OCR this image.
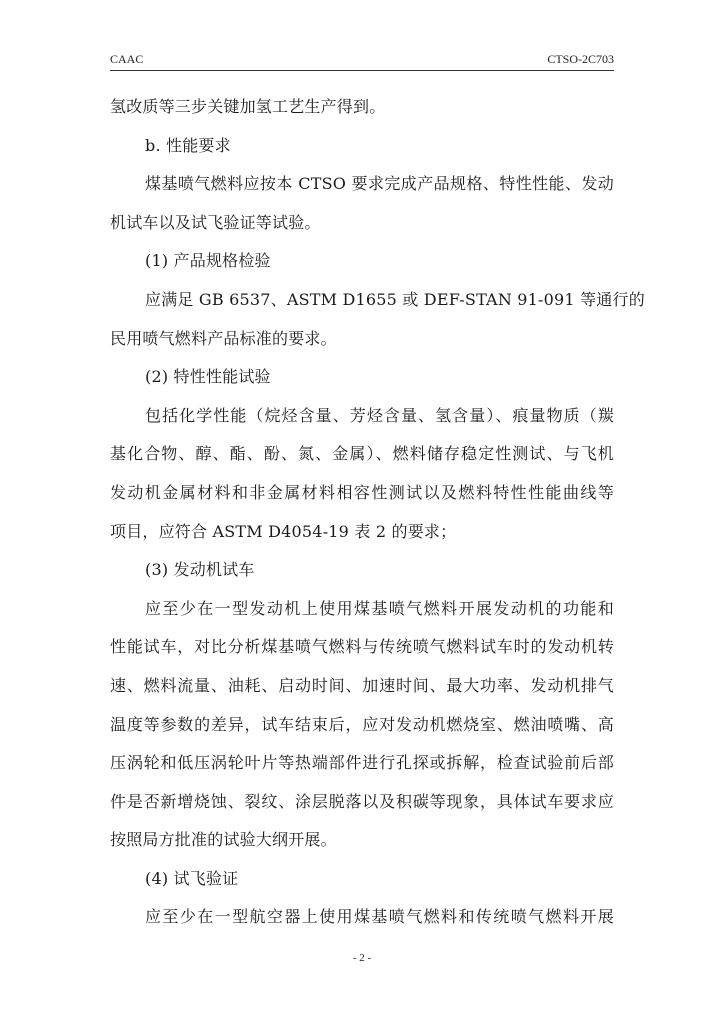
CAAC	CTSO-2C703
氢改质等三步关键加氢工艺生产得到。
b. 性能要求
煤基喷气燃料应按本 CTSO 要求完成产品规格、特性性能、发动
机试车以及试飞验证等试验。
(1) 产品规格检验
应满足 GB 6537、ASTM D1655 或 DEF-STAN 91-091 等通行的
民用喷气燃料产品标准的要求。
(2) 特性性能试验
包括化学性能（烷烃含量、芳烃含量、氢含量）、痕量物质（羰
基化合物、醇、酯、酚、氮、金属）、燃料储存稳定性测试、与飞机
发动机金属材料和非金属材料相容性测试以及燃料特性性能曲线等
项目，应符合 ASTM D4054-19 表 2 的要求；
(3) 发动机试车
应至少在一型发动机上使用煤基喷气燃料开展发动机的功能和
性能试车，对比分析煤基喷气燃料与传统喷气燃料试车时的发动机转
速、燃料流量、油耗、启动时间、加速时间、最大功率、发动机排气
温度等参数的差异，试车结束后，应对发动机燃烧室、燃油喷嘴、高
压涡轮和低压涡轮叶片等热端部件进行孔探或拆解，检查试验前后部
件是否新增烧蚀、裂纹、涂层脱落以及积碳等现象，具体试车要求应
按照局方批准的试验大纲开展。
(4) 试飞验证
应至少在一型航空器上使用煤基喷气燃料和传统喷气燃料开展
- 2 -
